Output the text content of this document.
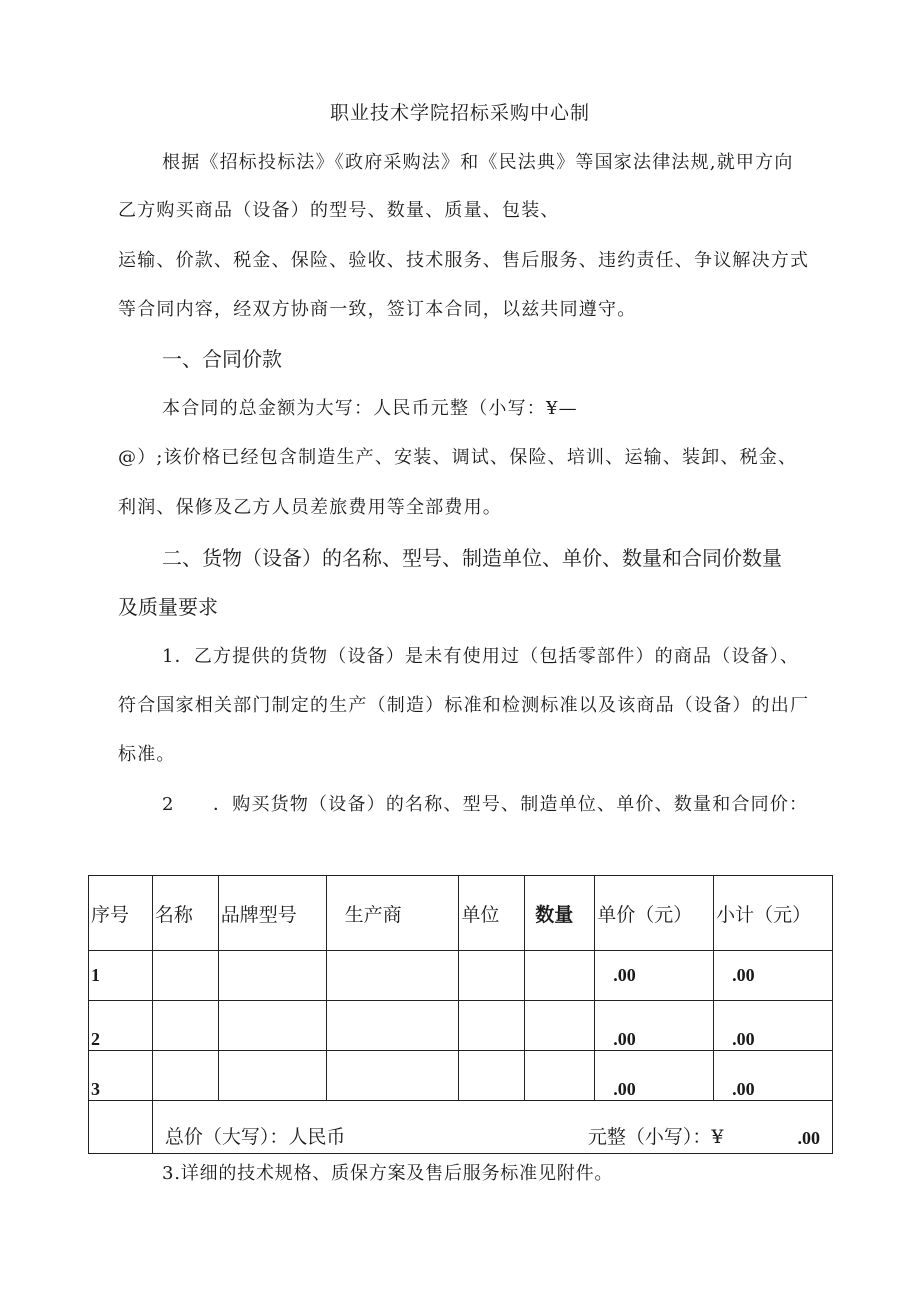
职业技术学院招标采购中心制
根据《招标投标法》《政府采购法》和《民法典》等国家法律法规,就甲方向
乙方购买商品（设备）的型号、数量、质量、包装、
运输、价款、税金、保险、验收、技术服务、售后服务、违约责任、争议解决方式
等合同内容，经双方协商一致，签订本合同，以兹共同遵守。
一、合同价款
本合同的总金额为大写：人民币元整（小写：¥—
@）;该价格已经包含制造生产、安装、调试、保险、培训、运输、装卸、税金、
利润、保修及乙方人员差旅费用等全部费用。
二、货物（设备）的名称、型号、制造单位、单价、数量和合同价数量
及质量要求
1．乙方提供的货物（设备）是未有使用过（包括零部件）的商品（设备）、
符合国家相关部门制定的生产（制造）标准和检测标准以及该商品（设备）的出厂
标准。
2　　．购买货物（设备）的名称、型号、制造单位、单价、数量和合同价：
序号	名称	品牌型号	生产商	单位	数量	单价（元）	小计（元）
1						.00	.00
2						.00	.00
3						.00	.00

	总价（大写）：人民币 元整（小写）：¥ .00						
3.详细的技术规格、质保方案及售后服务标准见附件。
